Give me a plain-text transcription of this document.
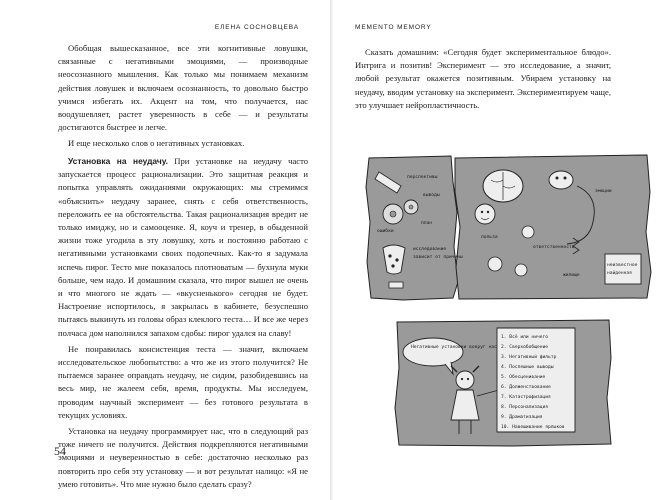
ЕЛЕНА СОСНОВЦЕВА

Обобщая вышесказанное, все эти когнитивные ловушки, связанные с негативными эмоциями, — производные неосознанного мышления. Как только мы понимаем механизм действия ловушек и включаем осознанность, то довольно быстро учимся избегать их. Акцент на том, что получается, нас воодушевляет, растет уверенность в себе — и результаты достигаются быстрее и легче.

И еще несколько слов о негативных установках.

Установка на неудачу. При установке на неудачу часто запускается процесс рационализации. Это защитная реакция и попытка управлять ожиданиями окружающих: мы стремимся «объяснить» неудачу заранее, снять с себя ответственность, переложить ее на обстоятельства. Такая рационализация вредит не только имиджу, но и самооценке. Я, коуч и тренер, в обыденной жизни тоже угодила в эту ловушку, хоть и постоянно работаю с негативными установками своих подопечных. Как-то я задумала испечь пирог. Тесто мне показалось плотноватым — бухнула муки больше, чем надо. И домашним сказала, что пирог вышел не очень и что многого не ждать — «вкусненького» сегодня не будет. Настроение испортилось, я закрылась в кабинете, безуспешно пытаясь выкинуть из головы образ клеклого теста… И все же через полчаса дом наполнился запахом сдобы: пирог удался на славу!

Не понравилась консистенция теста — значит, включаем исследовательское любопытство: а что же из этого получится? Не пытаемся заранее оправдать неудачу, не сидим, разобидевшись на весь мир, не жалеем себя, время, продукты. Мы исследуем, проводим научный эксперимент — без готового результата в текущих условиях.

Установка на неудачу программирует нас, что в следующий раз тоже ничего не получится. Действия подкрепляются негативными эмоциями и неуверенностью в себе: достаточно несколько раз повторить про себя эту установку — и вот результат налицо: «Я не умею готовить». Что мне нужно было сделать сразу?

54
MEMENTO MEMORY

Сказать домашним: «Сегодня будет экспериментальное блюдо». Интрига и позитив! Эксперимент — это исследование, а значит, любой результат окажется позитивным. Убираем установку на неудачу, вводим установку на эксперимент. Экспериментируем чаще, это улучшает нейропластичность.

перспективы
выводы
план
ошибки
эмоции
исследование
зависит от причины
польза
ответственность
неизвестное
найденная
жилище
Негативные установки вокруг нас
1. Всё или ничего
2. Сверхобобщение
3. Негативный фильтр
4. Поспешные выводы
5. Обесценивание
6. Долженствование
7. Катастрофизация
8. Персонализация
9. Драматизация
10. Навешивание ярлыков
